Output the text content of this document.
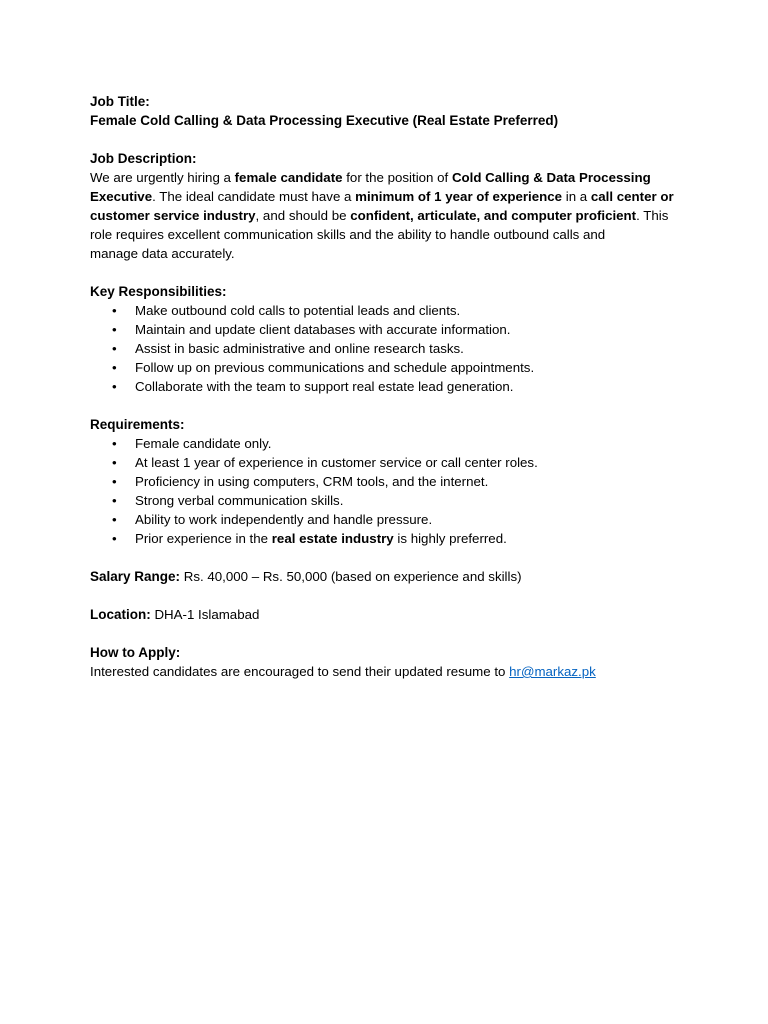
Job Title:
Female Cold Calling & Data Processing Executive (Real Estate Preferred)
Job Description:
We are urgently hiring a female candidate for the position of Cold Calling & Data Processing
Executive. The ideal candidate must have a minimum of 1 year of experience in a call center or
customer service industry, and should be confident, articulate, and computer proficient. This
role requires excellent communication skills and the ability to handle outbound calls and
manage data accurately.
Key Responsibilities:
• Make outbound cold calls to potential leads and clients.
• Maintain and update client databases with accurate information.
• Assist in basic administrative and online research tasks.
• Follow up on previous communications and schedule appointments.
• Collaborate with the team to support real estate lead generation.
Requirements:
• Female candidate only.
• At least 1 year of experience in customer service or call center roles.
• Proficiency in using computers, CRM tools, and the internet.
• Strong verbal communication skills.
• Ability to work independently and handle pressure.
• Prior experience in the real estate industry is highly preferred.
Salary Range: Rs. 40,000 – Rs. 50,000 (based on experience and skills)
Location: DHA-1 Islamabad
How to Apply:
Interested candidates are encouraged to send their updated resume to hr@markaz.pk
